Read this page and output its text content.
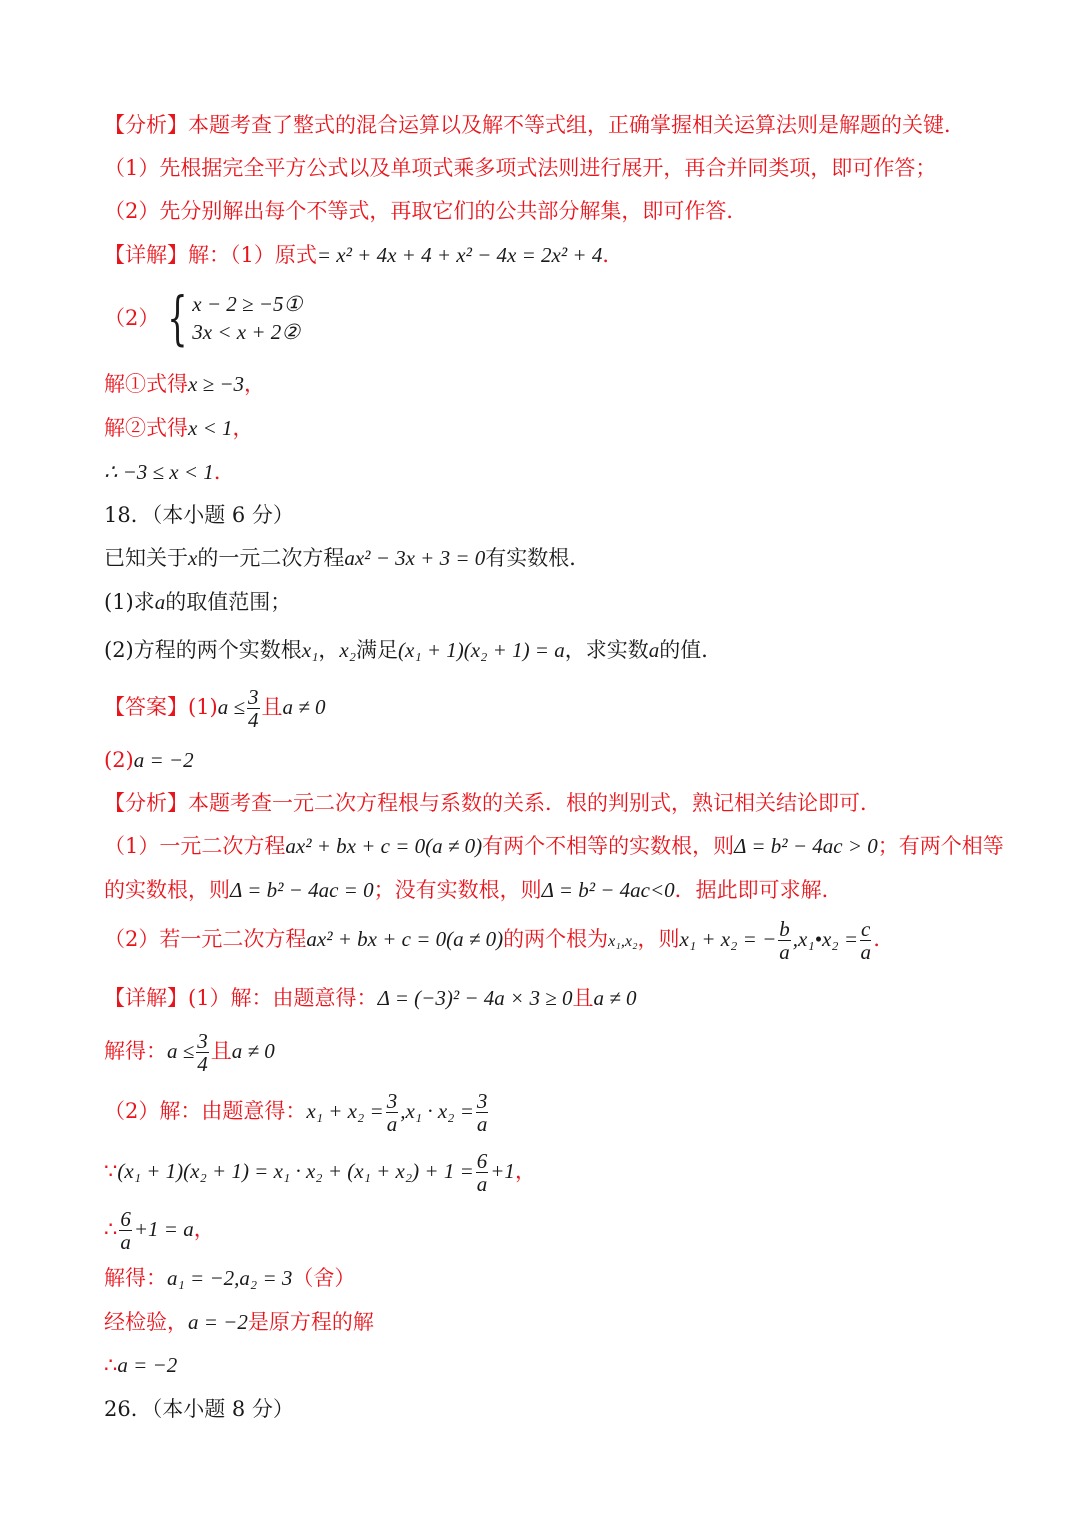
【分析】本题考查了整式的混合运算以及解不等式组，正确掌握相关运算法则是解题的关键．
（1）先根据完全平方公式以及单项式乘多项式法则进行展开，再合并同类项，即可作答；
（2）先分别解出每个不等式，再取它们的公共部分解集，即可作答．
【详解】解：（1）原式= x² + 4x + 4 + x² − 4x = 2x² + 4．
（2） { x − 2 ≥ −5①
3x < x + 2②
解①式得x ≥ −3，
解②式得x < 1，
∴ −3 ≤ x < 1．
18．（本小题 6 分）
已知关于x的一元二次方程ax² − 3x + 3 = 0有实数根．
(1)求a的取值范围；
(2)方程的两个实数根x₁，x₂满足(x₁ + 1)(x₂ + 1) = a，求实数a的值．
【答案】$(1)a \le \frac{3}{4}$ 且a ≠ 0
(2)a = −2
【分析】本题考查一元二次方程根与系数的关系．根的判别式，熟记相关结论即可．
（1）一元二次方程ax² + bx + c = 0(a ≠ 0)有两个不相等的实数根，则Δ = b² − 4ac > 0；有两个相等
的实数根，则Δ = b² − 4ac = 0；没有实数根，则Δ = b² − 4ac<0．据此即可求解．
（2）若一元二次方程ax² + bx + c = 0(a ≠ 0)的两个根为x₁,x₂，则x₁ + x₂ = − $\frac{b}{a}$ ,x₁•x₂ = $\frac{c}{a}$ ．
【详解】(1）解：由题意得：Δ = (−3)² − 4a × 3 ≥ 0且a ≠ 0
解得：$a \le \frac{3}{4}$ 且a ≠ 0
（2）解：由题意得：$x_1 + x_2 = \frac{3}{a} ,x_1 \cdot x_2 = \frac{3}{a}$
∵(x₁ + $1)(x_2 + 1) = x_1 \cdot x_2 + (x_1 + x_2) + 1 = \frac{6}{a} +1$，
∴ $\frac{6}{a} +1 = a$，
解得：a₁ = −2,a₂ = 3（舍）
经检验，a = −2是原方程的解
∴a = −2
26．（本小题 8 分）
